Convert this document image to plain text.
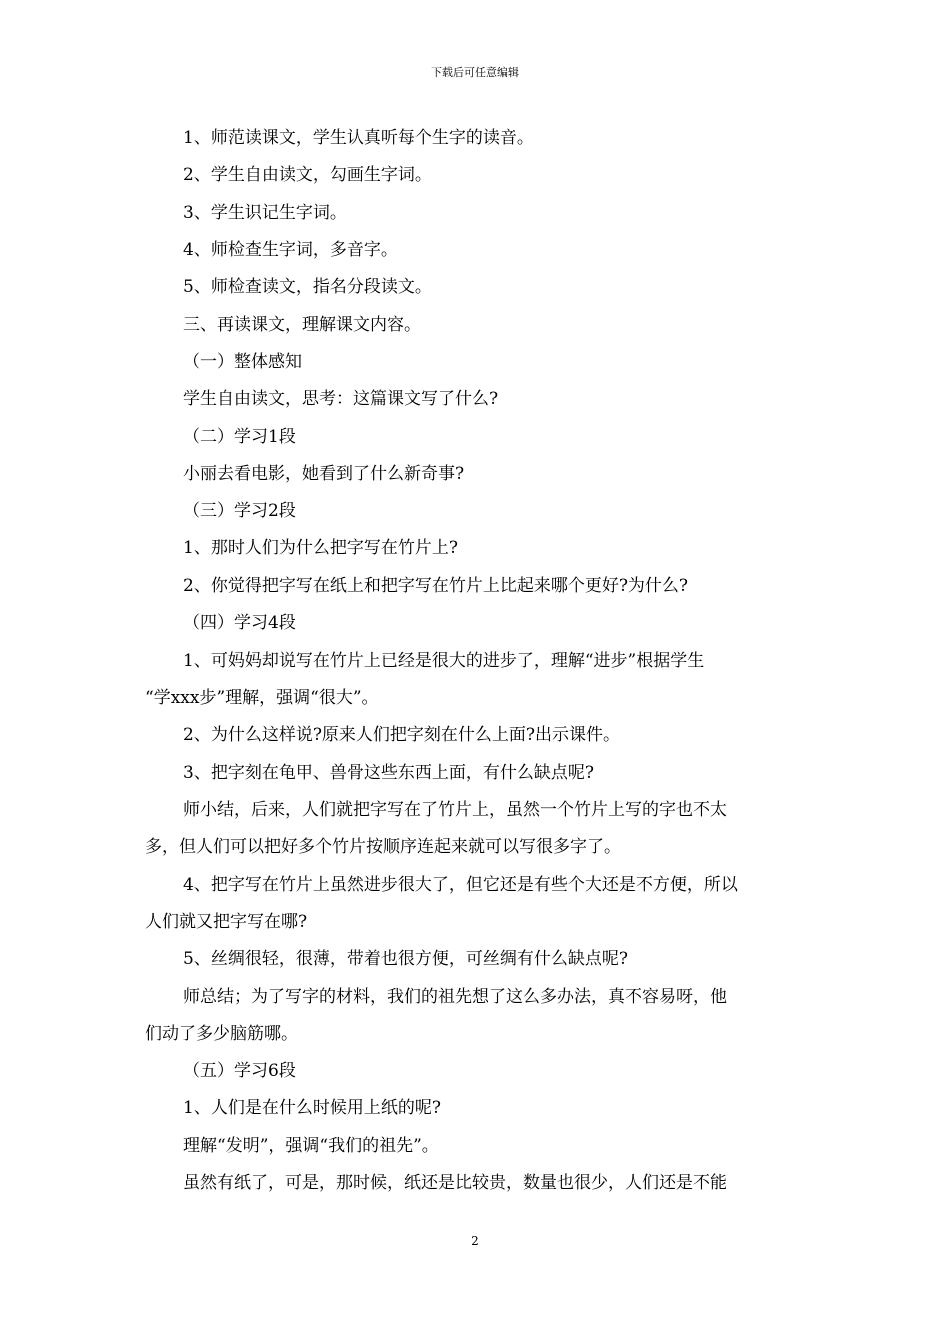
下载后可任意编辑
1、师范读课文，学生认真听每个生字的读音。
2、学生自由读文，勾画生字词。
3、学生识记生字词。
4、师检查生字词，多音字。
5、师检查读文，指名分段读文。
三、再读课文，理解课文内容。
（一）整体感知
学生自由读文，思考：这篇课文写了什么?
（二）学习1段
小丽去看电影，她看到了什么新奇事?
（三）学习2段
1、那时人们为什么把字写在竹片上?
2、你觉得把字写在纸上和把字写在竹片上比起来哪个更好?为什么?
（四）学习4段
1、可妈妈却说写在竹片上已经是很大的进步了，理解“进步”根据学生
“学xxx步”理解，强调“很大”。
2、为什么这样说?原来人们把字刻在什么上面?出示课件。
3、把字刻在龟甲、兽骨这些东西上面，有什么缺点呢?
师小结，后来，人们就把字写在了竹片上，虽然一个竹片上写的字也不太
多，但人们可以把好多个竹片按顺序连起来就可以写很多字了。
4、把字写在竹片上虽然进步很大了，但它还是有些个大还是不方便，所以
人们就又把字写在哪?
5、丝绸很轻，很薄，带着也很方便，可丝绸有什么缺点呢?
师总结；为了写字的材料，我们的祖先想了这么多办法，真不容易呀，他
们动了多少脑筋哪。
（五）学习6段
1、人们是在什么时候用上纸的呢?
理解“发明”，强调“我们的祖先”。
虽然有纸了，可是，那时候，纸还是比较贵，数量也很少，人们还是不能
2
